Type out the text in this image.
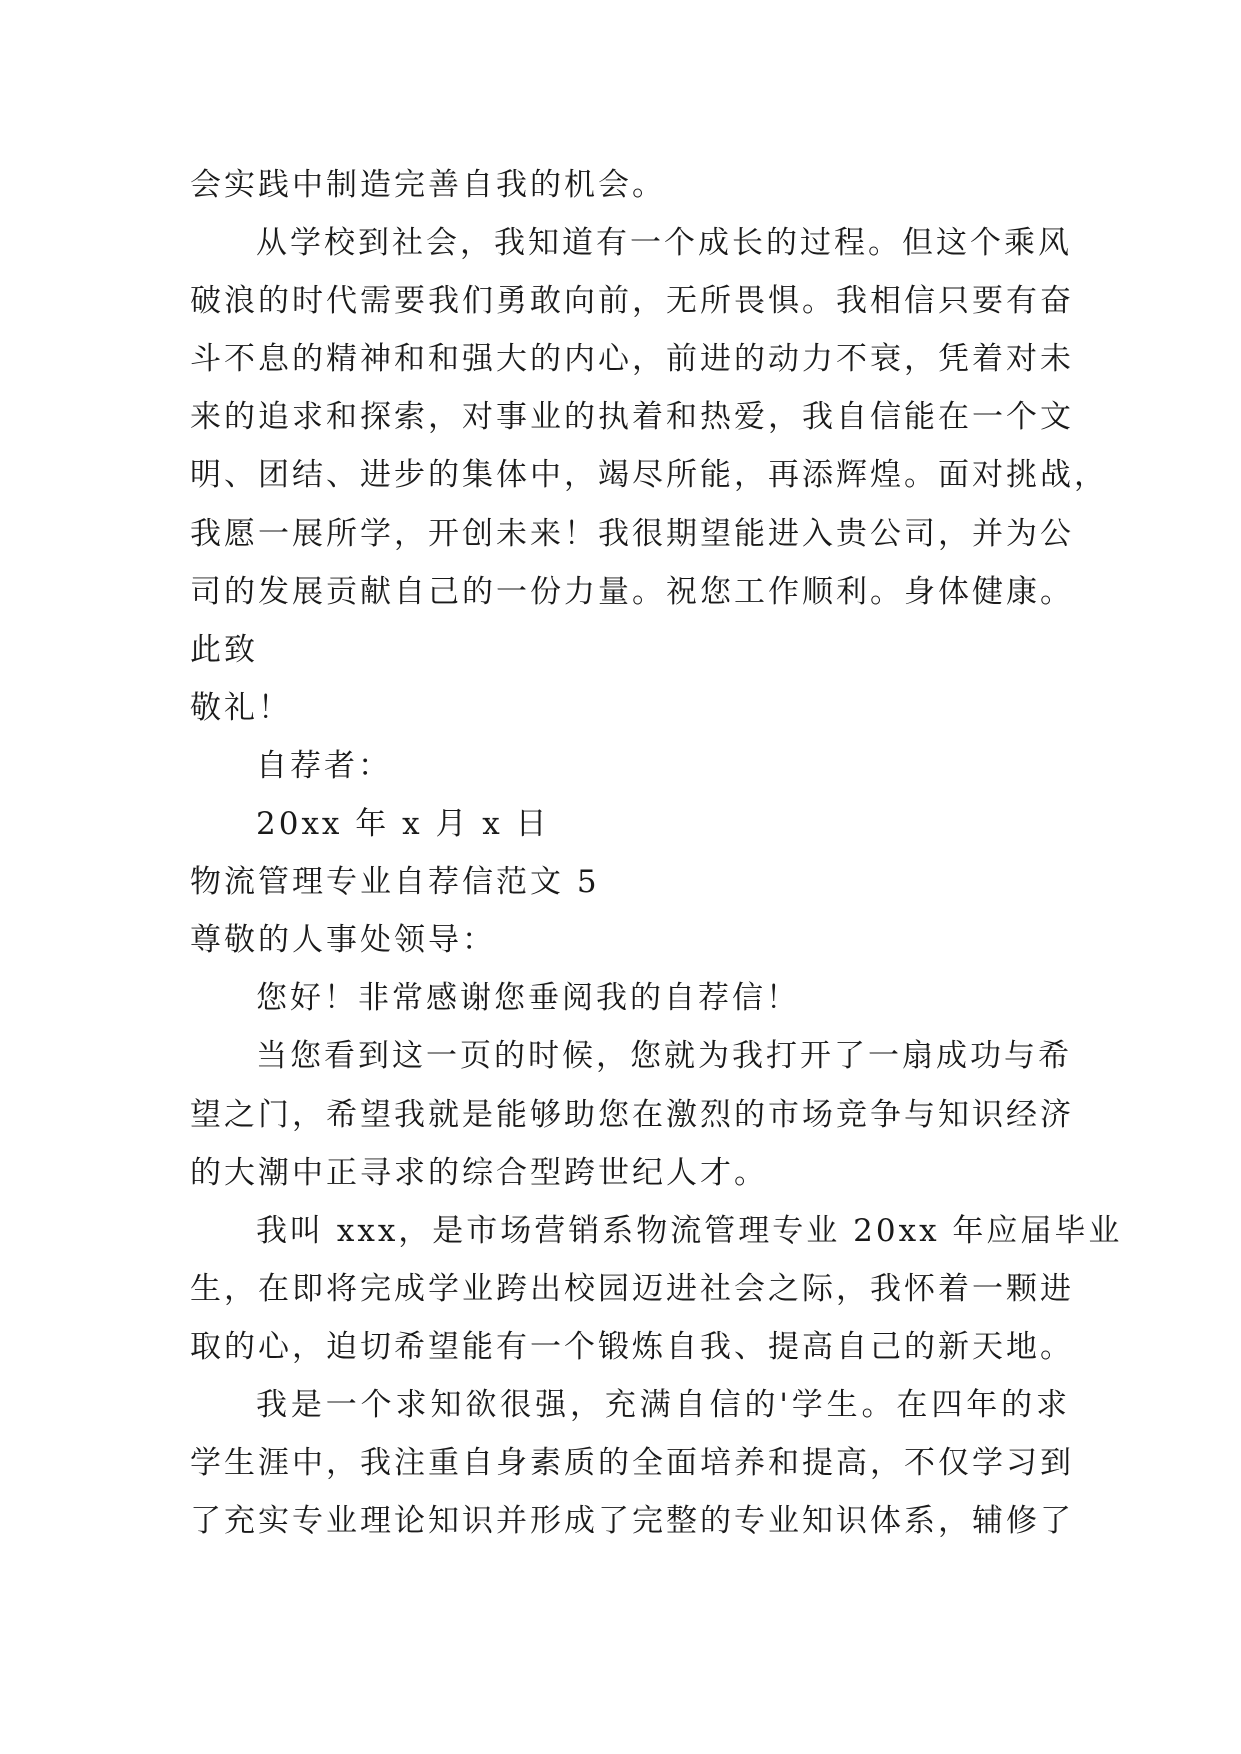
会实践中制造完善自我的机会。
从学校到社会，我知道有一个成长的过程。但这个乘风
破浪的时代需要我们勇敢向前，无所畏惧。我相信只要有奋
斗不息的精神和和强大的内心，前进的动力不衰，凭着对未
来的追求和探索，对事业的执着和热爱，我自信能在一个文
明、团结、进步的集体中，竭尽所能，再添辉煌。面对挑战，
我愿一展所学，开创未来！我很期望能进入贵公司，并为公
司的发展贡献自己的一份力量。祝您工作顺利。身体健康。
此致
敬礼！
自荐者：
20xx 年 x 月 x 日
物流管理专业自荐信范文 5
尊敬的人事处领导：
您好！非常感谢您垂阅我的自荐信！
当您看到这一页的时候，您就为我打开了一扇成功与希
望之门，希望我就是能够助您在激烈的市场竞争与知识经济
的大潮中正寻求的综合型跨世纪人才。
我叫 xxx，是市场营销系物流管理专业 20xx 年应届毕业
生，在即将完成学业跨出校园迈进社会之际，我怀着一颗进
取的心，迫切希望能有一个锻炼自我、提高自己的新天地。
我是一个求知欲很强，充满自信的'学生。在四年的求
学生涯中，我注重自身素质的全面培养和提高，不仅学习到
了充实专业理论知识并形成了完整的专业知识体系，辅修了
